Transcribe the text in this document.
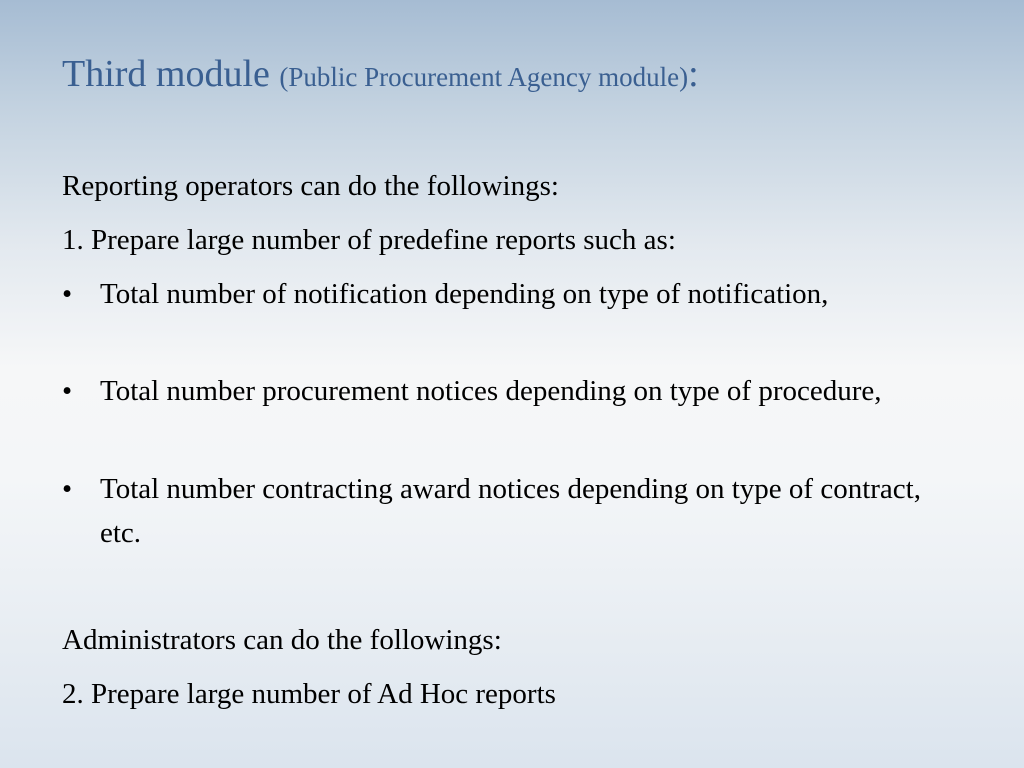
Third module (Public Procurement Agency module):
Reporting operators can do the followings:
1. Prepare large number of predefine reports such as:
• Total number of notification depending on type of notification,
• Total number procurement notices depending on type of procedure,
• Total number contracting award notices depending on type of contract, etc.
Administrators can do the followings:
2. Prepare large number of Ad Hoc reports
